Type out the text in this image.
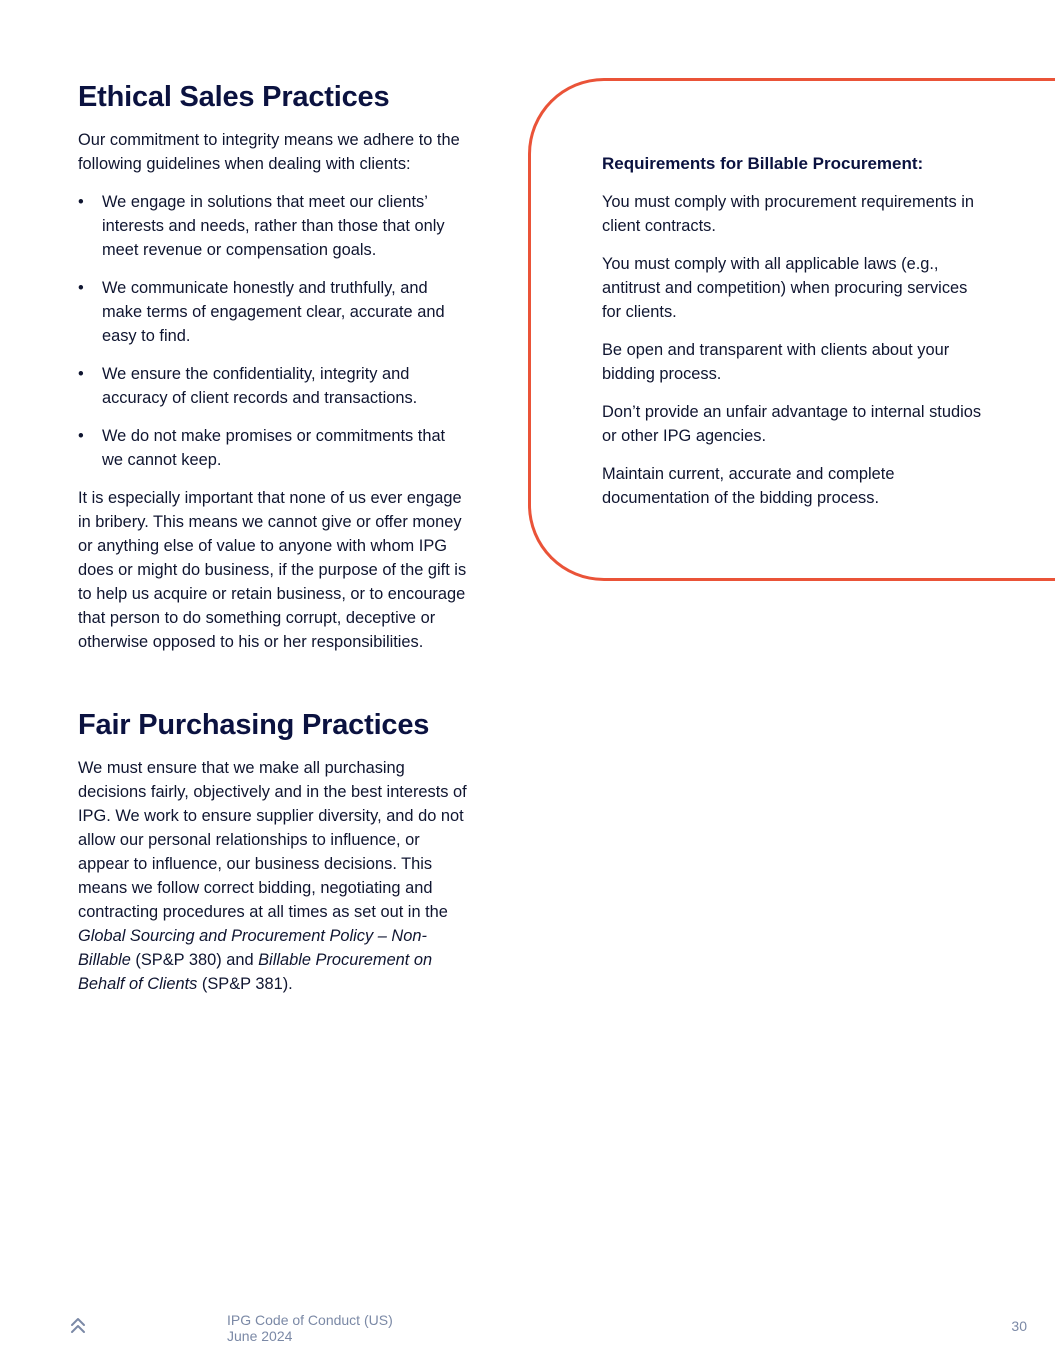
Ethical Sales Practices

Our commitment to integrity means we adhere to the following guidelines when dealing with clients:

• We engage in solutions that meet our clients’ interests and needs, rather than those that only meet revenue or compensation goals.
• We communicate honestly and truthfully, and make terms of engagement clear, accurate and easy to find.
• We ensure the confidentiality, integrity and accuracy of client records and transactions.
• We do not make promises or commitments that we cannot keep.

It is especially important that none of us ever engage in bribery. This means we cannot give or offer money or anything else of value to anyone with whom IPG does or might do business, if the purpose of the gift is to help us acquire or retain business, or to encourage that person to do something corrupt, deceptive or otherwise opposed to his or her responsibilities.

Fair Purchasing Practices

We must ensure that we make all purchasing decisions fairly, objectively and in the best interests of IPG. We work to ensure supplier diversity, and do not allow our personal relationships to influence, or appear to influence, our business decisions. This means we follow correct bidding, negotiating and contracting procedures at all times as set out in the Global Sourcing and Procurement Policy – Non-Billable (SP&P 380) and Billable Procurement on Behalf of Clients (SP&P 381).

Requirements for Billable Procurement:

You must comply with procurement requirements in client contracts.

You must comply with all applicable laws (e.g., antitrust and competition) when procuring services for clients.

Be open and transparent with clients about your bidding process.

Don’t provide an unfair advantage to internal studios or other IPG agencies.

Maintain current, accurate and complete documentation of the bidding process.

IPG Code of Conduct (US)
June 2024
30
